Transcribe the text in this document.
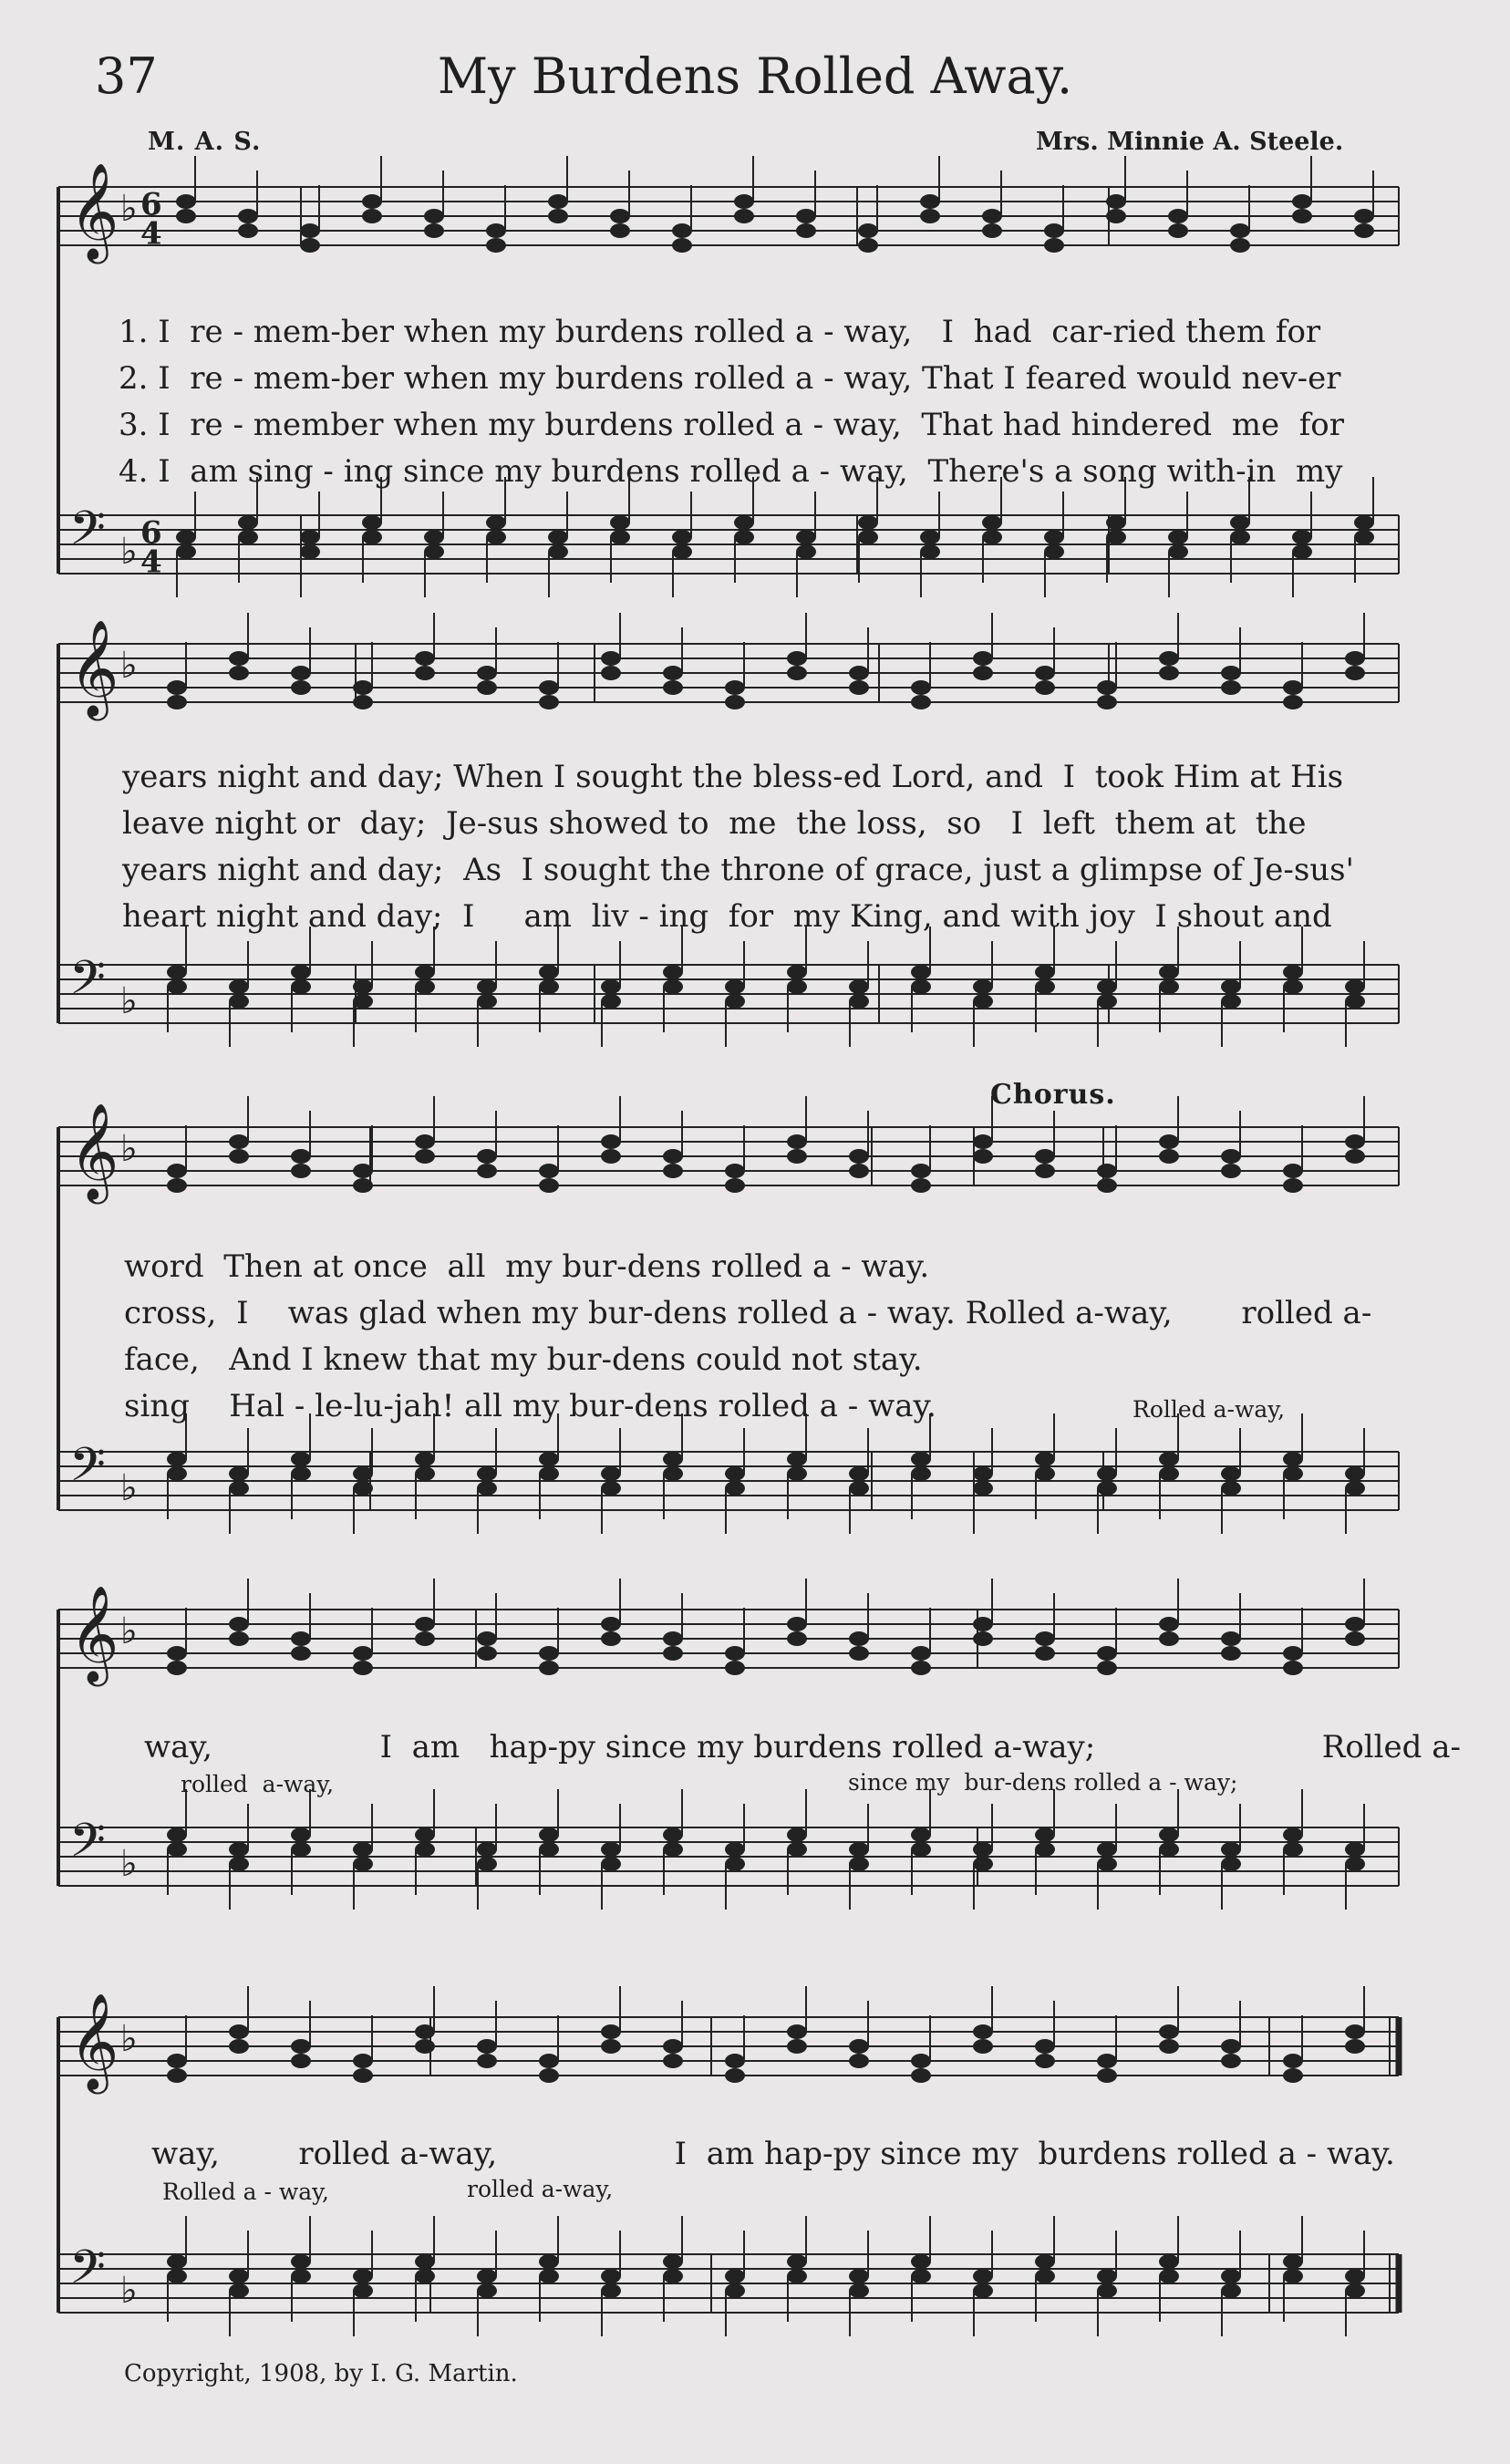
37	My Burdens Rolled Away.
M. A. S.	Mrs. Minnie A. Steele.
Chorus.
𝄞 ♭ 6
4
𝄢 ♭ 6
4
𝄞 ♭
𝄢 ♭
𝄞 ♭
𝄢 ♭
𝄞 ♭
𝄢 ♭
𝄞 ♭
𝄢 ♭
1. I  re - mem-ber when my burdens rolled a - way,   I  had  car-ried them for
2. I  re - mem-ber when my burdens rolled a - way, That I feared would nev-er
3. I  re - member when my burdens rolled a - way,  That had hindered  me  for
4. I  am sing - ing since my burdens rolled a - way,  There's a song with-in  my
years night and day; When I sought the bless-ed Lord, and  I  took Him at His
leave night or  day;  Je-sus showed to  me  the loss,  so   I  left  them at  the
years night and day;  As  I sought the throne of grace, just a glimpse of Je-sus'
heart night and day;  I     am  liv - ing  for  my King, and with joy  I shout and
word  Then at once  all  my bur-dens rolled a - way.
cross,  I    was glad when my bur-dens rolled a - way. Rolled a-way,       rolled a-
face,   And I knew that my bur-dens could not stay.
sing    Hal - le-lu-jah! all my bur-dens rolled a - way.	Rolled a-way,
way,                 I  am   hap-py since my burdens rolled a-way;                       Rolled a-
rolled  a-way,	since my  bur-dens rolled a - way;
way,        rolled a-way,                  I  am hap-py since my  burdens rolled a - way.
Rolled a - way,	rolled a-way,
Copyright, 1908, by I. G. Martin.
